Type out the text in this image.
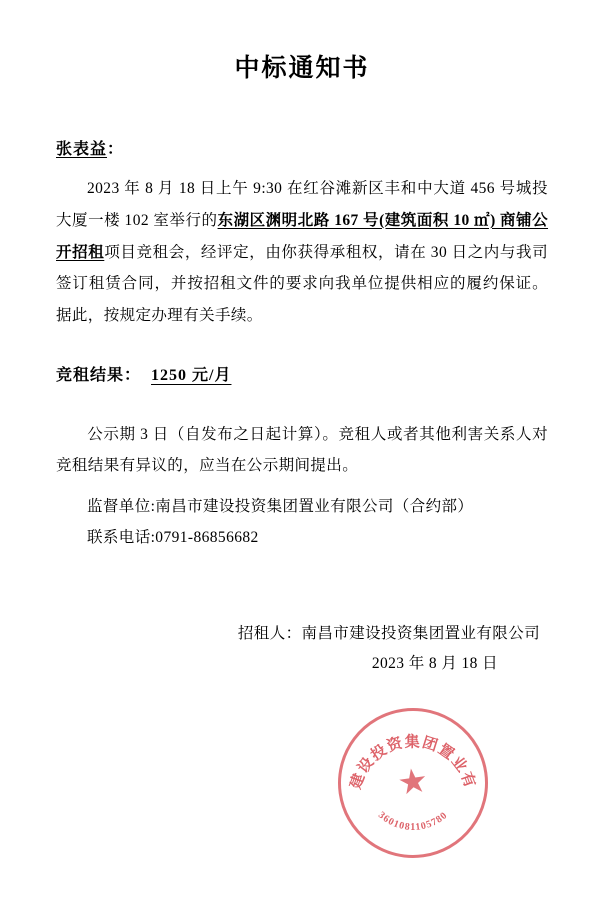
中标通知书
张表益：
2023 年 8 月 18 日上午 9:30 在红谷滩新区丰和中大道 456 号城投大厦一楼 102 室举行的东湖区渊明北路 167 号(建筑面积 10 ㎡) 商铺公开招租项目竞租会，经评定，由你获得承租权，请在 30 日之内与我司签订租赁合同，并按招租文件的要求向我单位提供相应的履约保证。据此，按规定办理有关手续。
竞租结果： 1250 元/月
公示期 3 日（自发布之日起计算）。竞租人或者其他利害关系人对竞租结果有异议的，应当在公示期间提出。
监督单位:南昌市建设投资集团置业有限公司（合约部）
联系电话:0791-86856682
招租人：南昌市建设投资集团置业有限公司
2023 年 8 月 18 日
南昌市建设投资集团置业有限公司
3601081105780
★
